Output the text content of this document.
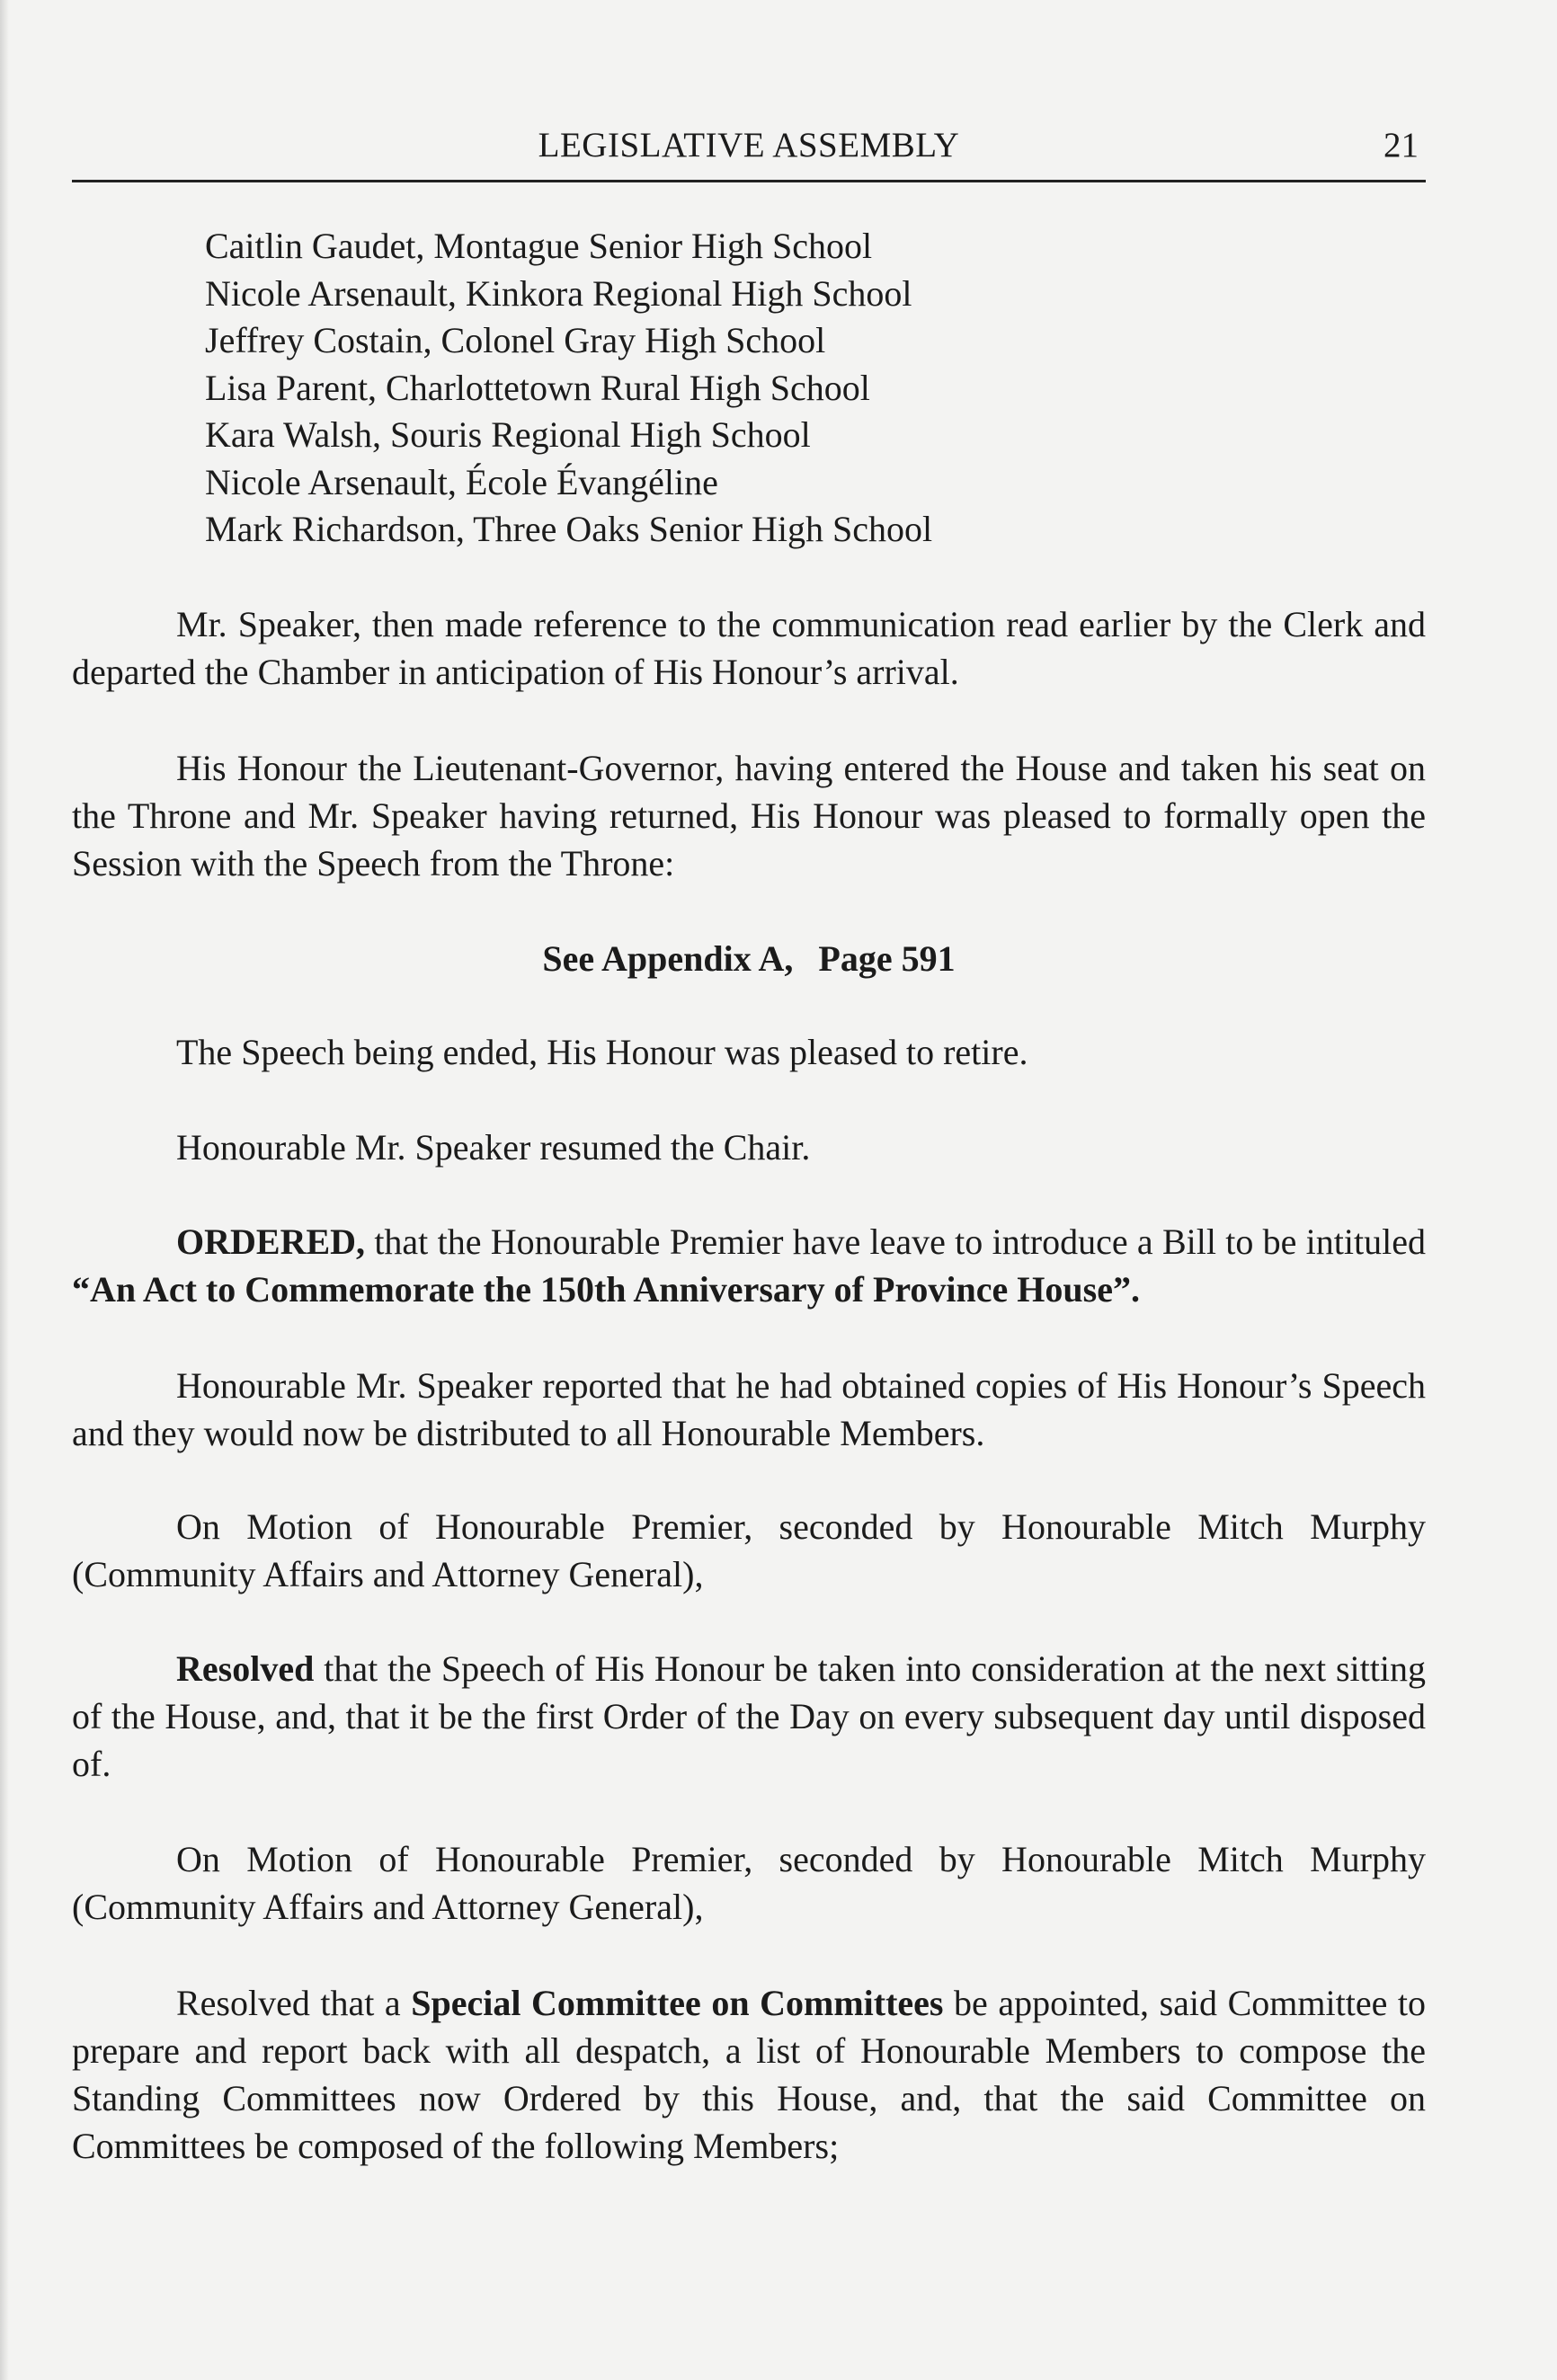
LEGISLATIVE ASSEMBLY	21
Caitlin Gaudet, Montague Senior High School
Nicole Arsenault, Kinkora Regional High School
Jeffrey Costain, Colonel Gray High School
Lisa Parent, Charlottetown Rural High School
Kara Walsh, Souris Regional High School
Nicole Arsenault, École Évangéline
Mark Richardson, Three Oaks Senior High School
Mr. Speaker, then made reference to the communication read earlier by the Clerk and departed the Chamber in anticipation of His Honour’s arrival.
His Honour the Lieutenant-Governor, having entered the House and taken his seat on the Throne and Mr. Speaker having returned, His Honour was pleased to formally open the Session with the Speech from the Throne:
See Appendix A, Page 591
The Speech being ended, His Honour was pleased to retire.
Honourable Mr. Speaker resumed the Chair.
ORDERED, that the Honourable Premier have leave to introduce a Bill to be intituled “An Act to Commemorate the 150th Anniversary of Province House”.
Honourable Mr. Speaker reported that he had obtained copies of His Honour’s Speech and they would now be distributed to all Honourable Members.
On Motion of Honourable Premier, seconded by Honourable Mitch Murphy (Community Affairs and Attorney General),
Resolved that the Speech of His Honour be taken into consideration at the next sitting of the House, and, that it be the first Order of the Day on every subsequent day until disposed of.
On Motion of Honourable Premier, seconded by Honourable Mitch Murphy (Community Affairs and Attorney General),
Resolved that a Special Committee on Committees be appointed, said Committee to prepare and report back with all despatch, a list of Honourable Members to compose the Standing Committees now Ordered by this House, and, that the said Committee on Committees be composed of the following Members;
